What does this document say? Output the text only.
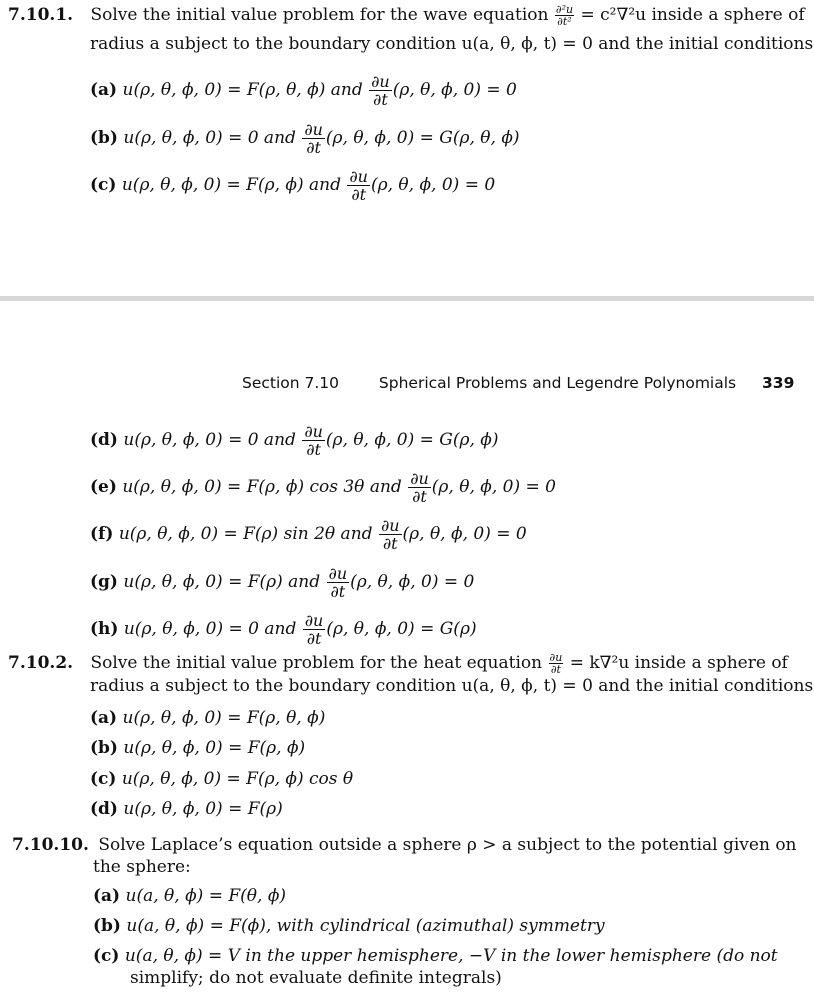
7.10.1. Solve the initial value problem for the wave equation $\frac{\text{∂²u}}{\text{∂t²}} = c^2\nabla^2u$ inside a sphere of
radius a subject to the boundary condition u(a, θ, ϕ, t) = 0 and the initial conditions
(a) u(ρ, θ, ϕ, 0) = F(ρ, θ, ϕ) and $\frac{\partial u}{\partial t} (\rho$, θ, ϕ, 0) = 0
(b) u(ρ, θ, ϕ, 0) = 0 and $\frac{\partial u}{\partial t} (\rho$, θ, ϕ, 0) = G(ρ, θ, ϕ)
(c) u(ρ, θ, ϕ, 0) = F(ρ, ϕ) and $\frac{\partial u}{\partial t} (\rho$, θ, ϕ, 0) = 0
Section 7.10	Spherical Problems and Legendre Polynomials 339
(d) u(ρ, θ, ϕ, 0) = 0 and $\frac{\partial u}{\partial t} (\rho$, θ, ϕ, 0) = G(ρ, ϕ)
(e) u(ρ, θ, ϕ, 0) = F(ρ, ϕ) cos 3θ and $\frac{\partial u}{\partial t} (\rho$, θ, ϕ, 0) = 0
(f) u(ρ, θ, ϕ, 0) = F(ρ) sin 2θ and $\frac{\partial u}{\partial t} (\rho$, θ, ϕ, 0) = 0
(g) u(ρ, θ, ϕ, 0) = F(ρ) and $\frac{\partial u}{\partial t} (\rho$, θ, ϕ, 0) = 0
(h) u(ρ, θ, ϕ, 0) = 0 and $\frac{\partial u}{\partial t} (\rho$, θ, ϕ, 0) = G(ρ)
7.10.2. Solve the initial value problem for the heat equation $\frac{\partial u}{\partial t} = k\nabla^2u$ inside a sphere of
radius a subject to the boundary condition u(a, θ, ϕ, t) = 0 and the initial conditions
(a) u(ρ, θ, ϕ, 0) = F(ρ, θ, ϕ)
(b) u(ρ, θ, ϕ, 0) = F(ρ, ϕ)
(c) u(ρ, θ, ϕ, 0) = F(ρ, ϕ) cos θ
(d) u(ρ, θ, ϕ, 0) = F(ρ)
7.10.10. Solve Laplace’s equation outside a sphere ρ > a subject to the potential given on
the sphere:
(a) u(a, θ, ϕ) = F(θ, ϕ)
(b) u(a, θ, ϕ) = F(ϕ), with cylindrical (azimuthal) symmetry
(c) u(a, θ, ϕ) = V in the upper hemisphere, −V in the lower hemisphere (do not
simplify; do not evaluate definite integrals)
